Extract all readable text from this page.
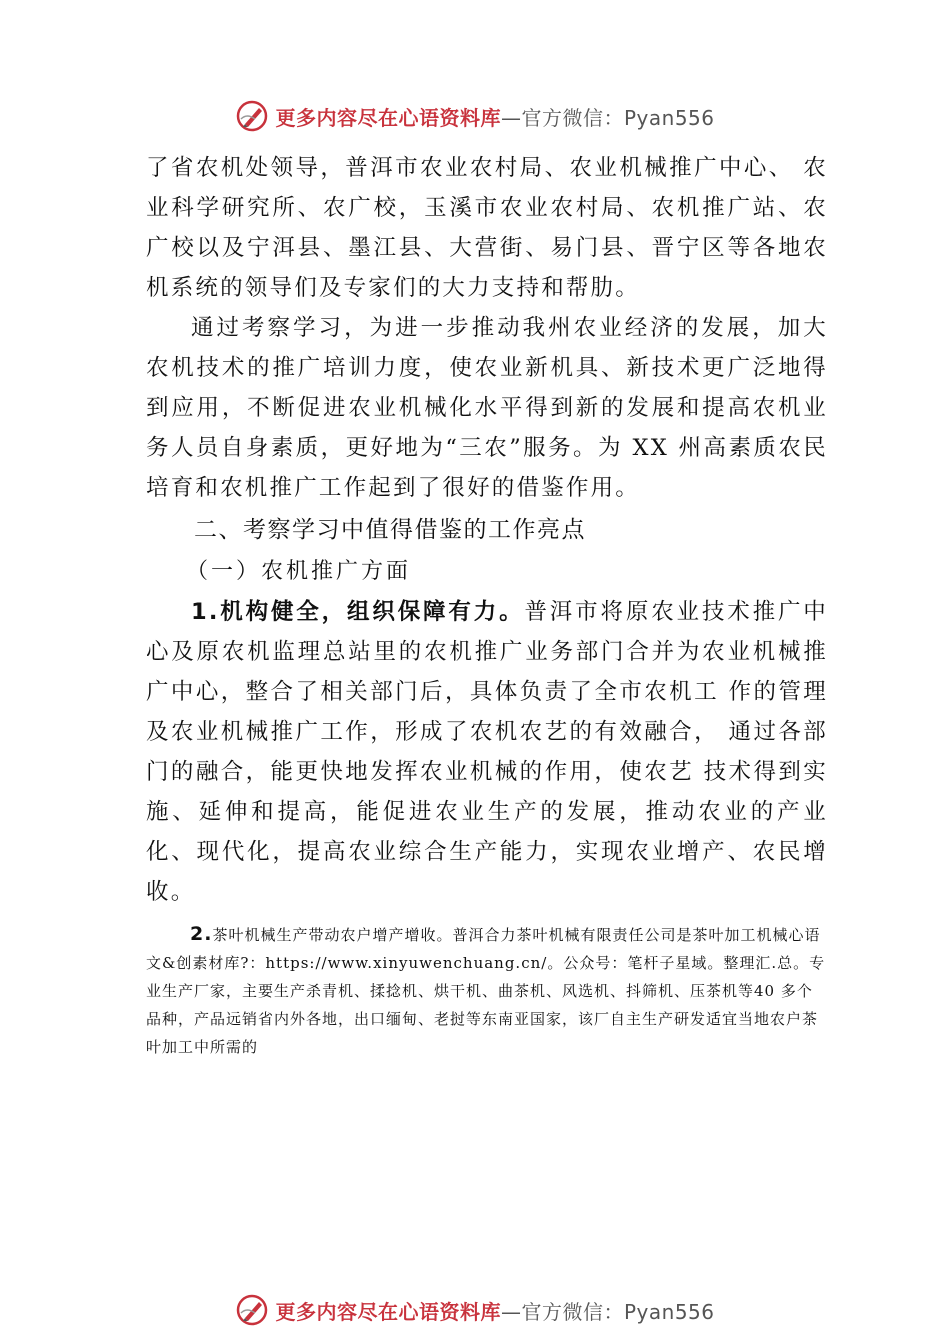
更多内容尽在心语资料库—官方微信：Pyan556

了省农机处领导，普洱市农业农村局、农业机械推广中心、 农业科学研究所、农广校，玉溪市农业农村局、农机推广站、农广校以及宁洱县、墨江县、大营街、易门县、晋宁区等各地农机系统的领导们及专家们的大力支持和帮肋。

通过考察学习，为进一步推动我州农业经济的发展，加大农机技术的推广培训力度，使农业新机具、新技术更广泛地得到应用，不断促进农业机械化水平得到新的发展和提高农机业务人员自身素质，更好地为“三农”服务。为 XX 州高素质农民培育和农机推广工作起到了很好的借鉴作用。

二、考察学习中值得借鉴的工作亮点

（一）农机推广方面

1.机构健全，组织保障有力。普洱市将原农业技术推广中心及原农机监理总站里的农机推广业务部门合并为农业机械推广中心，整合了相关部门后，具体负责了全市农机工 作的管理及农业机械推广工作，形成了农机农艺的有效融合， 通过各部门的融合，能更快地发挥农业机械的作用，使农艺 技术得到实施、延伸和提高，能促进农业生产的发展，推动农业的产业化、现代化，提高农业综合生产能力，实现农业增产、农民增收。

2.茶叶机械生产带动农户增产增收。普洱合力茶叶机械有限责任公司是茶叶加工机械心语文&创素材库?：https://www.xinyuwenchuang.cn/。公众号：笔杆子星域。整理汇.总。专业生产厂家，主要生产杀青机、揉捻机、烘干机、曲茶机、风选机、抖筛机、压茶机等40 多个品种，产品远销省内外各地，出口缅甸、老挝等东南亚国家，该厂自主生产研发适宜当地农户茶叶加工中所需的

更多内容尽在心语资料库—官方微信：Pyan556
